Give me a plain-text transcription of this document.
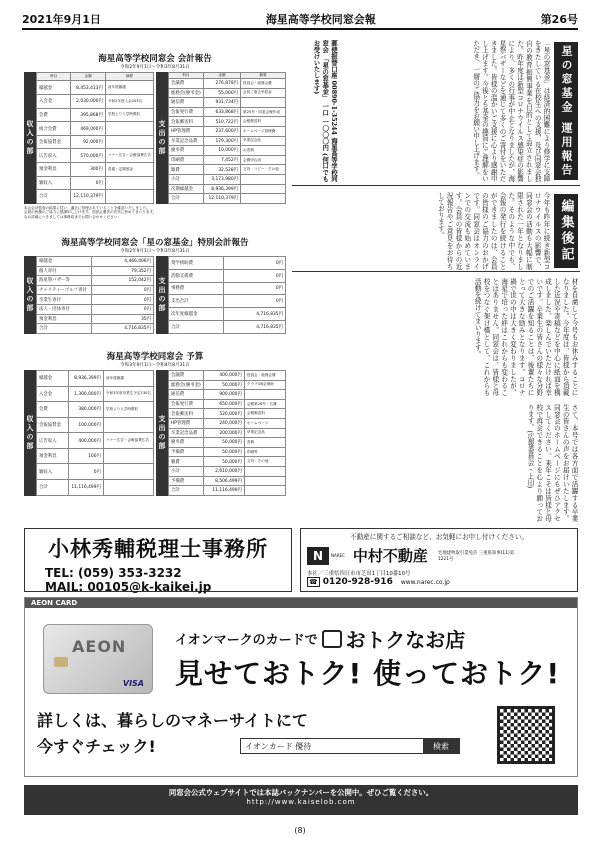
2021年9月1日	海星高等学校同窓会報	第26号
海星高等学校同窓会 会計報告
令和2年9月1日～令和3年8月31日
収入の部
科目	金額	摘要
繰越金	8,453,413円	前年度繰越
入会金	2,030,000円	令和2年度入会203名
会費	395,868円	学校より入学時徴収
組合会費	469,000円	
会報協賛金	92,000円	
広告収入	570,000円	バナー広告・会報協賛広告
預金利息	300円	普通・定期預金
雑収入	0円	
合計	12,110,379円	
支出の部
科目	金額	摘要
会議費	276,878円	役員会・総務会費
総務会(慶弔金)	55,000円	会員ご逝去弔慰金
通信費	931,734円	
会報発行費	633,868円	第25号・同窓会報作成
会報郵送料	510,722円	会報郵送料
HP管理費	237,600円	ホームページ管理費
卒業記念品費	179,300円	卒業記念品
慶弔費	10,000円	お香典
印刷費	7,452円	会費申込用
雑費	32,528円	文具・コピー・その他
小計	3,173,980円	
次期繰越金	8,936,399円	
合計	12,110,379円	
本会会計監査の結果に従い、適正に管理されていることを確認いたしました。
会員の皆様のご協力に感謝申し上げます。同窓会運営の充実に努めてまいります。
なお詳細につきましては事務局までお問い合わせください。
海星高等学校同窓会「星の窓基金」特別会計報告
令和2年9月1日～令和3年8月31日
収入の部
繰越金	4,466,406円
個人寄付	79,352円
海星祭バザー等	152,042円
チャリティーゴルフ寄付	0円
卒業生寄付	0円
法人・団体寄付	0円
預金利息	35円
合計	4,716,835円
支出の部
奨学援助費	0円
活動支援費	0円
事務費	0円
支出合計	0円
次年度繰越金	4,716,835円
合計	4,716,835円
海星高等学校同窓会 予算
令和3年9月1日～令和4年8月31日
収入の部
繰越金	8,936,399円	前年度繰越
入会金	1,300,000円	令和3年度卒業生予定130名
会費	380,000円	学校より入学時徴収
会報協賛金	100,000円	
広告収入	400,000円	バナー広告・会報協賛広告
預金利息	100円	
雑収入	0円	
合計	11,116,499円	
支出の部
会議費	400,000円	役員会・総務会費
総務会(慶弔金)	50,000円	クラブOB会援助
通信費	900,000円	
会報発行費	650,000円	会報第26号・名簿
会報郵送料	520,000円	会報郵送料
HP管理費	240,000円	ホームページ
卒業記念品費	200,000円	卒業記念品
慶弔費	50,000円	香典
予備費	50,000円	印刷等
雑費	50,000円	文具・その他
小計	2,610,000円	
予備費	8,506,499円	
合計	11,116,499円	
星の窓基金 運用報告
「星の窓基金」は経済的困難により修学に支障をきたしている在校生への支援、及び同窓会独自の教育振興事業を目的として設立されました。昨年度は新型コロナウイルス感染症の影響により、多くの行事が中止となりましたが、海星祭バザーなどを通じて多くのご寄付をいただきました。皆様の温かいご支援に心より感謝申し上げます。今後とも基金の趣旨にご理解をいただき、一層のご協力をお願い申し上げます。
郵便振替口座 00890-1-35244 海星高等学校同窓会 「星の窓基金」 一口 一〇〇〇円 (何口でもお受けいたします)
編集後記
今年も昨年に続き新型コロナウイルスの影響で、同窓会の活動も大幅に制限された一年となりました。そのような中でも、会報の発行を続けることができましたのは、会員の皆様のご協力のおかげです。同窓会はオンラインでの交流も始めています。会員の皆様からの近況報告やご意見をお待ちしております。
材を自粛して今号もお休みすることになりました。今年度は、皆様から頂戴した近況や寄稿などを中心に紙面を構成しました。楽しんでいただければ幸いです。卒業生の皆さんの様々な分野でのご活躍を知ることは、後輩たちにとって大きな励みとなります。コロナ禍で世の中は大きく変わりましたが、海星で培った絆はこれからも変わることはありません。同窓会は、皆様と母校をつなぐ架け橋として、これからも活動を続けてまいります。
さて、本号では各方面で活躍する卒業生の皆さんの声をお届けいたします。同窓会のホームページにもぜひアクセスしてください。来年こそは皆様と母校で再会できることを心より願っております。(広報委員会・上田)
小林秀輔税理士事務所
TEL: (059) 353-3232
MAIL: 00105@k-kaikei.jp
不動産に関するご相談など、お気軽にお申し付けください。
N	NAREC 中村不動産 宅地建物取引業免許 三重県知事(11)第1221号
本社／三重県四日市市芝田1丁目10番10号
☎ 0120-928-916 www.narec.co.jp
AEON CARD
AEON
VISA
イオンマークのカードで おトクなお店
見せておトク! 使っておトク!
詳しくは、暮らしのマネーサイトにて
今すぐチェック!	イオンカード 優待	検索
同窓会公式ウェブサイトでは本誌バックナンバーを公開中。ぜひご覧ください。
http://www.kaiselob.com
(8)
